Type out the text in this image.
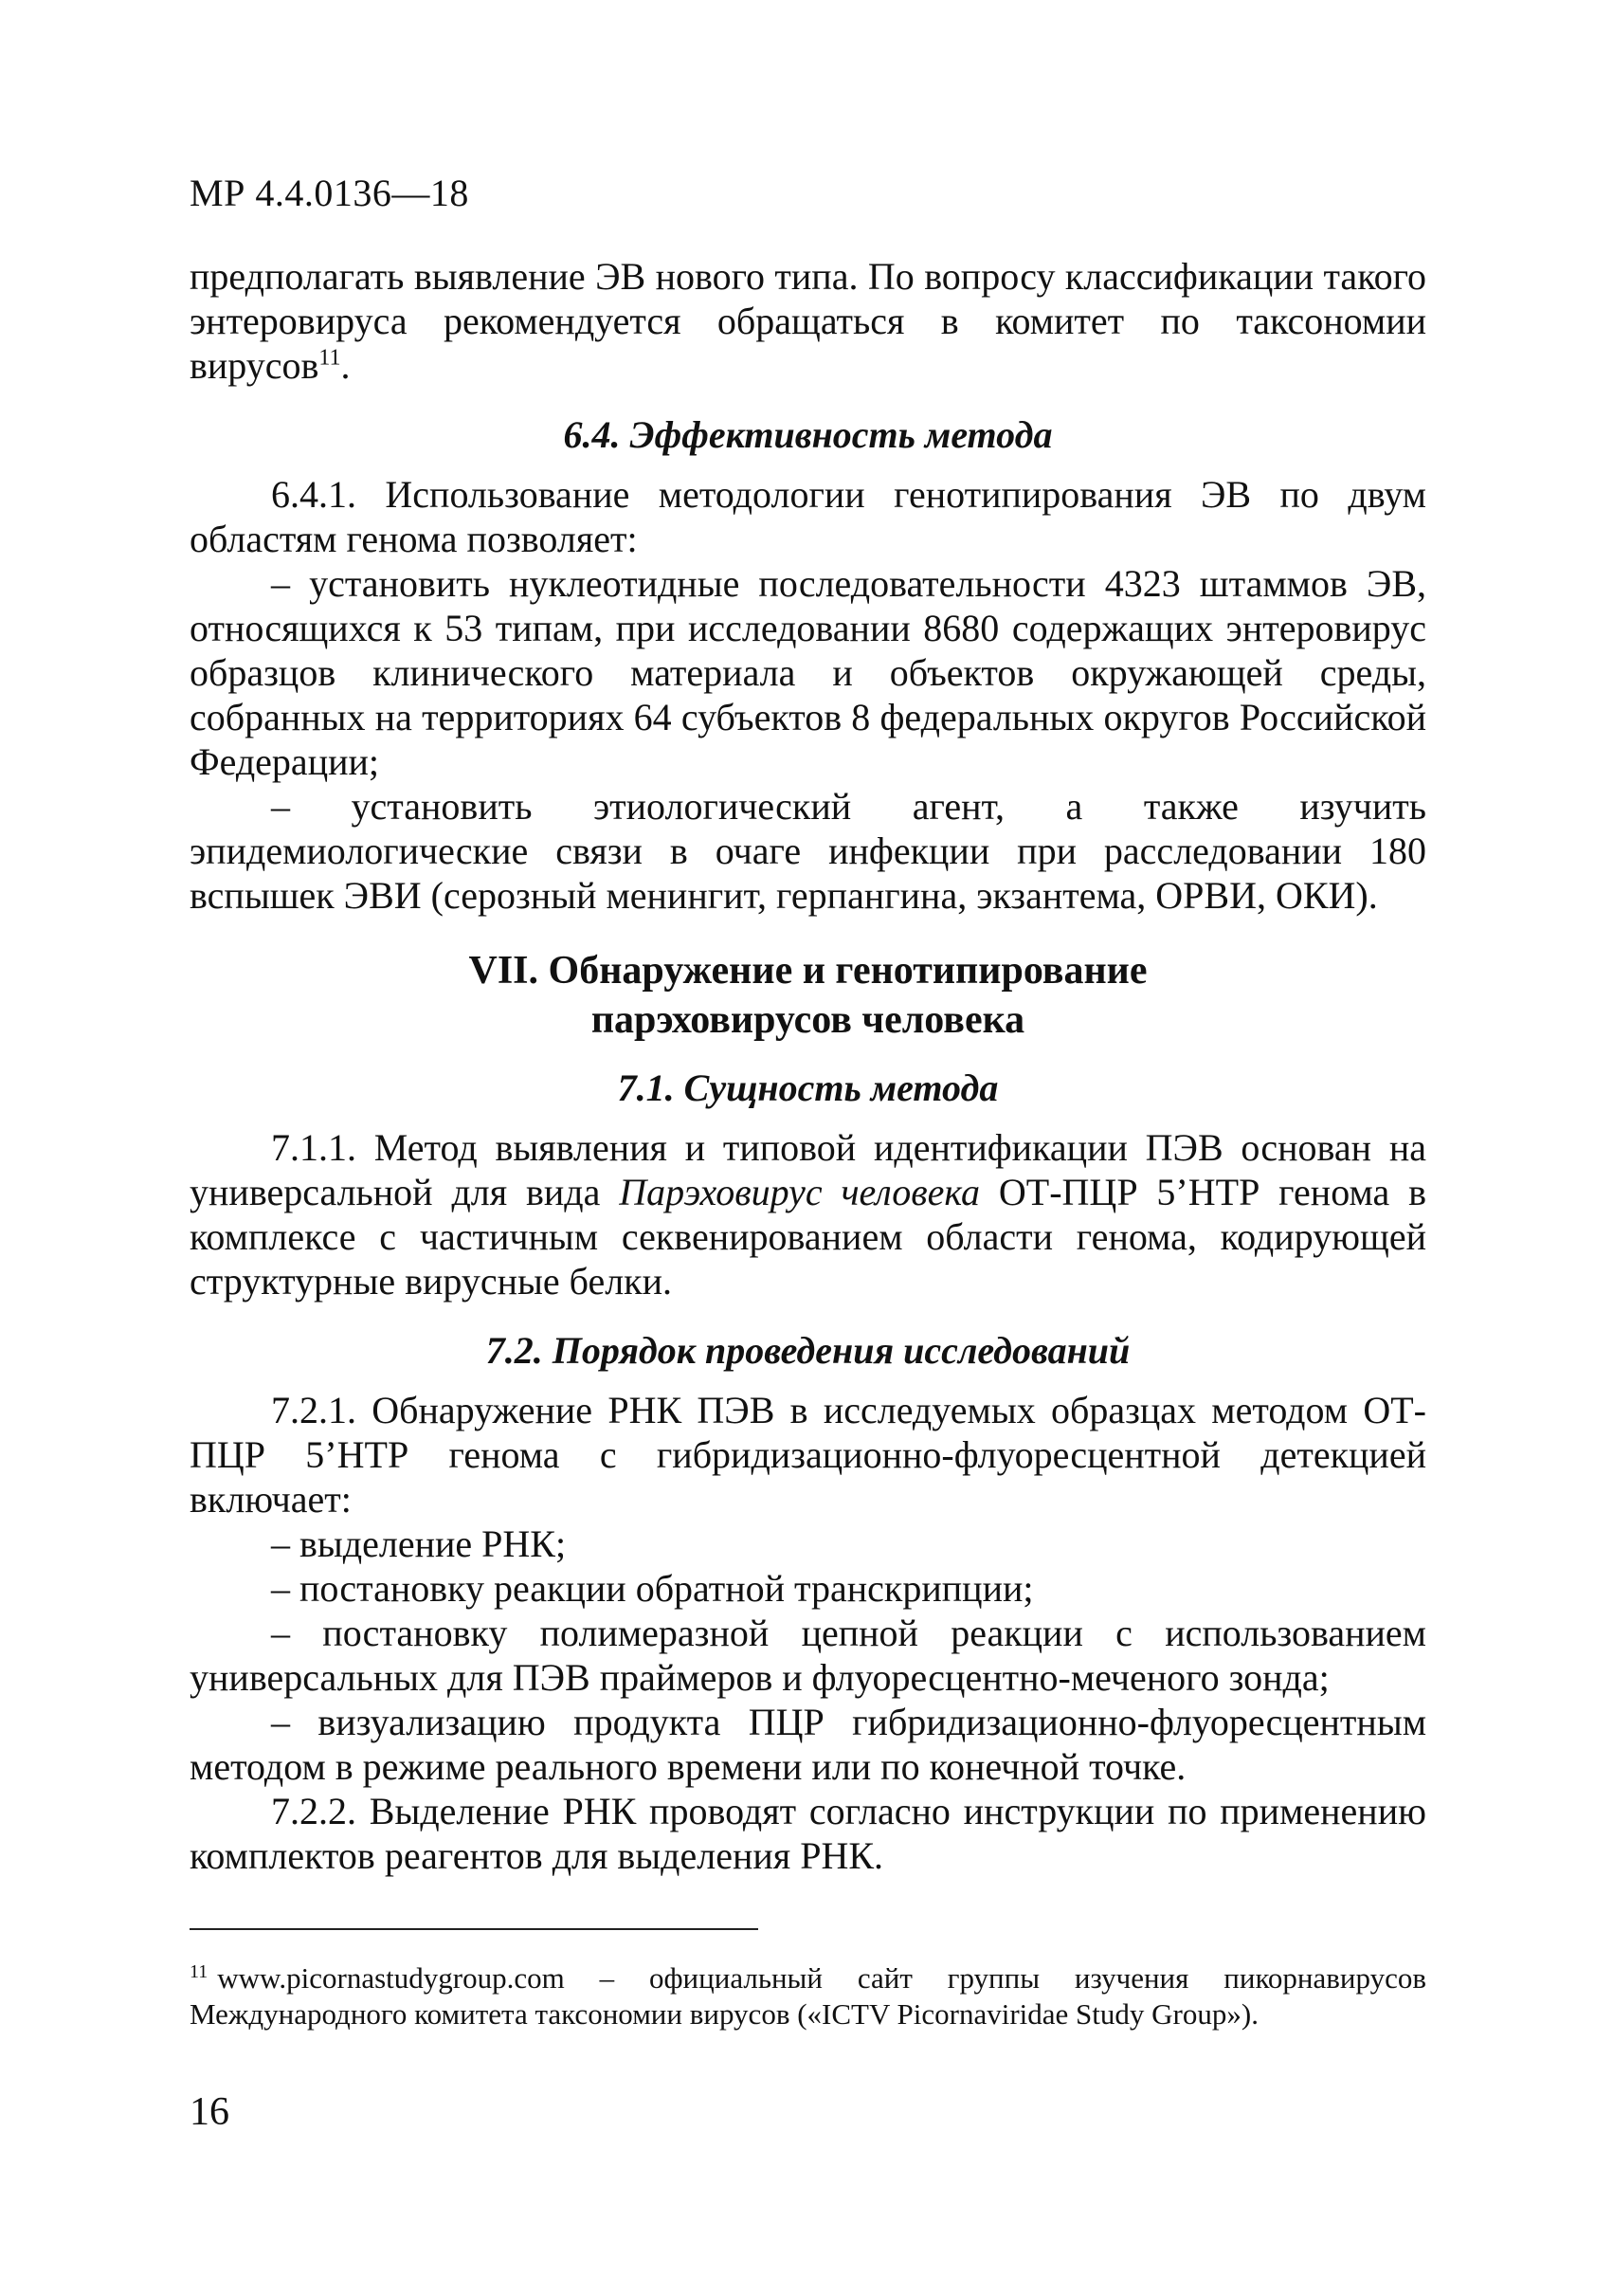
МР 4.4.0136—18

предполагать выявление ЭВ нового типа. По вопросу классификации такого энтеровируса рекомендуется обращаться в комитет по таксономии вирусов$^{11}$.

6.4. Эффективность метода

6.4.1. Использование методологии генотипирования ЭВ по двум областям генома позволяет:

– установить нуклеотидные последовательности 4323 штаммов ЭВ, относящихся к 53 типам, при исследовании 8680 содержащих энтеровирус образцов клинического материала и объектов окружающей среды, собранных на территориях 64 субъектов 8 федеральных округов Российской Федерации;

– установить этиологический агент, а также изучить эпидемиологические связи в очаге инфекции при расследовании 180 вспышек ЭВИ (серозный менингит, герпангина, экзантема, ОРВИ, ОКИ).

VII. Обнаружение и генотипирование

парэховирусов человека

7.1. Сущность метода

7.1.1. Метод выявления и типовой идентификации ПЭВ основан на универсальной для вида Парэховирус человека ОТ-ПЦР 5’НТР генома в комплексе с частичным секвенированием области генома, кодирующей структурные вирусные белки.

7.2. Порядок проведения исследований

7.2.1. Обнаружение РНК ПЭВ в исследуемых образцах методом ОТ-ПЦР 5’НТР генома с гибридизационно-флуоресцентной детекцией включает:

– выделение РНК;

– постановку реакции обратной транскрипции;

– постановку полимеразной цепной реакции с использованием универсальных для ПЭВ праймеров и флуоресцентно-меченого зонда;

– визуализацию продукта ПЦР гибридизационно-флуоресцентным методом в режиме реального времени или по конечной точке.

7.2.2. Выделение РНК проводят согласно инструкции по применению комплектов реагентов для выделения РНК.

$^{11}$ www.picornastudygroup.com – официальный сайт группы изучения пикорнавирусов Международного комитета таксономии вирусов («ICTV Picornaviridae Study Group»).
16
